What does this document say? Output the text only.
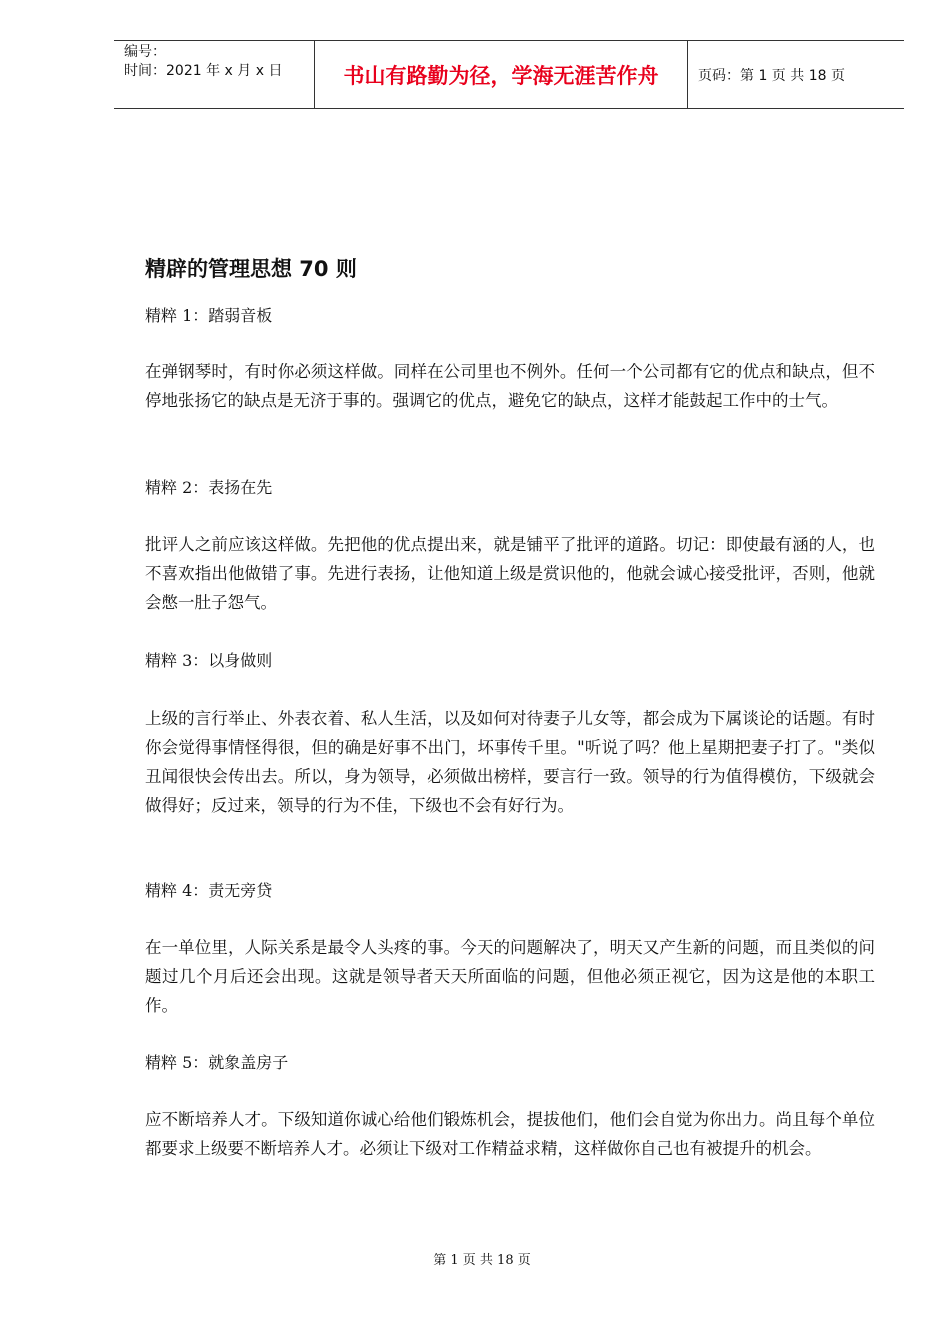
编号：
时间：2021 年 x 月 x 日	书山有路勤为径，学海无涯苦作舟	页码：第 1 页 共 18 页
精辟的管理思想 70 则
精粹 1：踏弱音板
在弹钢琴时，有时你必须这样做。同样在公司里也不例外。任何一个公司都有它的优点和缺点，但不停地张扬它的缺点是无济于事的。强调它的优点，避免它的缺点，这样才能鼓起工作中的士气。
精粹 2：表扬在先
批评人之前应该这样做。先把他的优点提出来，就是铺平了批评的道路。切记：即使最有涵的人，也不喜欢指出他做错了事。先进行表扬，让他知道上级是赏识他的，他就会诚心接受批评，否则，他就会憋一肚子怨气。
精粹 3：以身做则
上级的言行举止、外表衣着、私人生活，以及如何对待妻子儿女等，都会成为下属谈论的话题。有时你会觉得事情怪得很，但的确是好事不出门，坏事传千里。"听说了吗？他上星期把妻子打了。"类似丑闻很快会传出去。所以，身为领导，必须做出榜样，要言行一致。领导的行为值得模仿，下级就会做得好；反过来，领导的行为不佳，下级也不会有好行为。
精粹 4：责无旁贷
在一单位里，人际关系是最令人头疼的事。今天的问题解决了，明天又产生新的问题，而且类似的问题过几个月后还会出现。这就是领导者天天所面临的问题，但他必须正视它，因为这是他的本职工作。
精粹 5：就象盖房子
应不断培养人才。下级知道你诚心给他们锻炼机会，提拔他们，他们会自觉为你出力。尚且每个单位都要求上级要不断培养人才。必须让下级对工作精益求精，这样做你自己也有被提升的机会。
第 1 页 共 18 页
